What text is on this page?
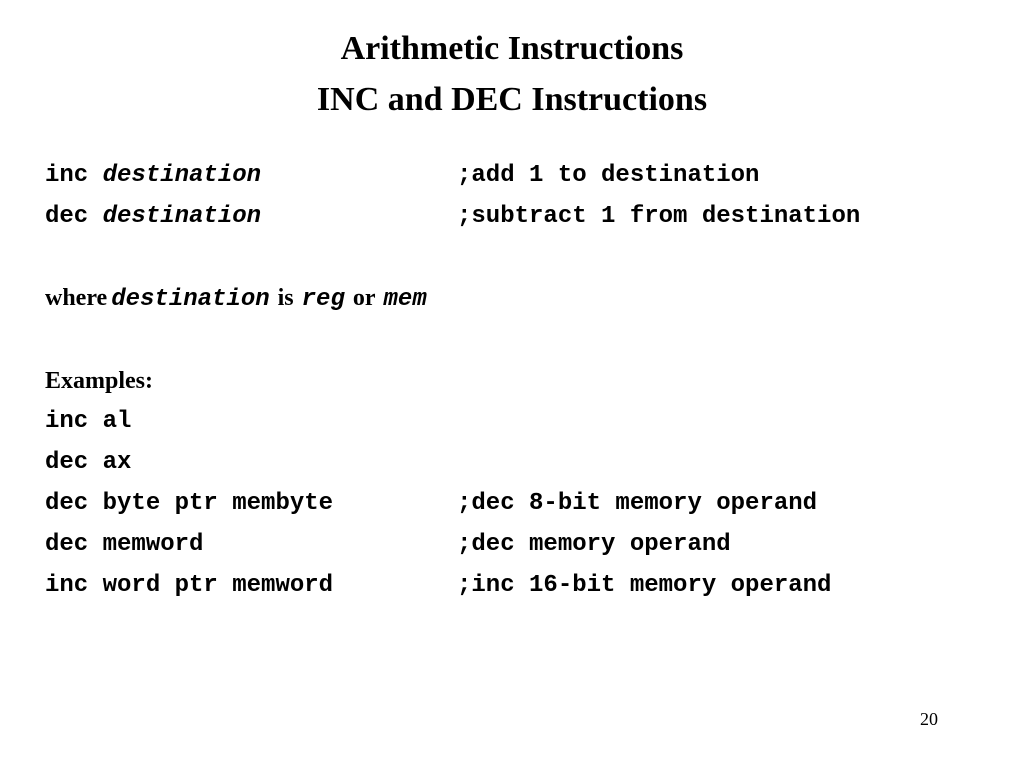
Arithmetic Instructions
INC and DEC Instructions
inc destination	;add 1 to destination
dec destination	;subtract 1 from destination
where destination is reg or mem
Examples:
inc al
dec ax
dec byte ptr membyte	;dec 8-bit memory operand
dec memword	;dec memory operand
inc word ptr memword	;inc 16-bit memory operand
20
